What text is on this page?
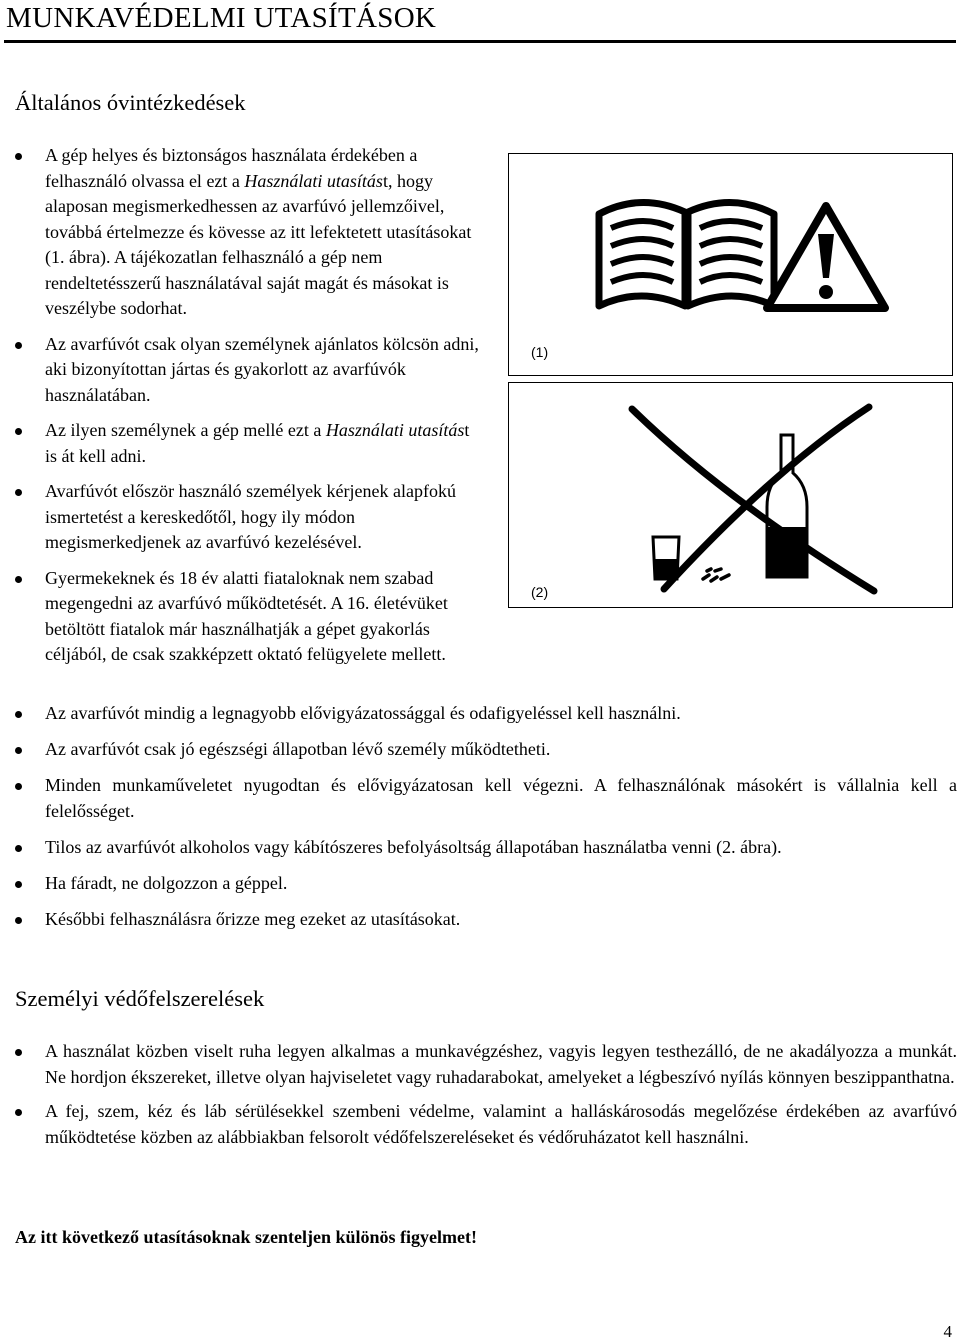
MUNKAVÉDELMI UTASÍTÁSOK
Általános óvintézkedések
A gép helyes és biztonságos használata érdekében a felhasználó olvassa el ezt a Használati utasítást, hogy alaposan megismerkedhessen az avarfúvó jellemzőivel, továbbá értelmezze és kövesse az itt lefektetett utasításokat (1. ábra). A tájékozatlan felhasználó a gép nem rendeltetésszerű használatával saját magát és másokat is veszélybe sodorhat.
Az avarfúvót csak olyan személynek ajánlatos kölcsön adni, aki bizonyítottan jártas és gyakorlott az avarfúvók használatában.
Az ilyen személynek a gép mellé ezt a Használati utasítást is át kell adni.
Avarfúvót először használó személyek kérjenek alapfokú ismertetést a kereskedőtől, hogy ily módon megismerkedjenek az avarfúvó kezelésével.
Gyermekeknek és 18 év alatti fiataloknak nem szabad megengedni az avarfúvó működtetését. A 16. életévüket betöltött fiatalok már használhatják a gépet gyakorlás céljából, de csak szakképzett oktató felügyelete mellett.
(1)
(2)
Az avarfúvót mindig a legnagyobb elővigyázatossággal és odafigyeléssel kell használni.
Az avarfúvót csak jó egészségi állapotban lévő személy működtetheti.
Minden munkaműveletet nyugodtan és elővigyázatosan kell végezni. A felhasználónak másokért is vállalnia kell a felelősséget.
Tilos az avarfúvót alkoholos vagy kábítószeres befolyásoltság állapotában használatba venni (2. ábra).
Ha fáradt, ne dolgozzon a géppel.
Későbbi felhasználásra őrizze meg ezeket az utasításokat.
Személyi védőfelszerelések
A használat közben viselt ruha legyen alkalmas a munkavégzéshez, vagyis legyen testhezálló, de ne akadályozza a munkát. Ne hordjon ékszereket, illetve olyan hajviseletet vagy ruhadarabokat, amelyeket a légbeszívó nyílás könnyen beszippanthatna.
A fej, szem, kéz és láb sérülésekkel szembeni védelme, valamint a halláskárosodás megelőzése érdekében az avarfúvó működtetése közben az alábbiakban felsorolt védőfelszereléseket és védőruházatot kell használni.

Az itt következő utasításoknak szenteljen különös figyelmet!

4
